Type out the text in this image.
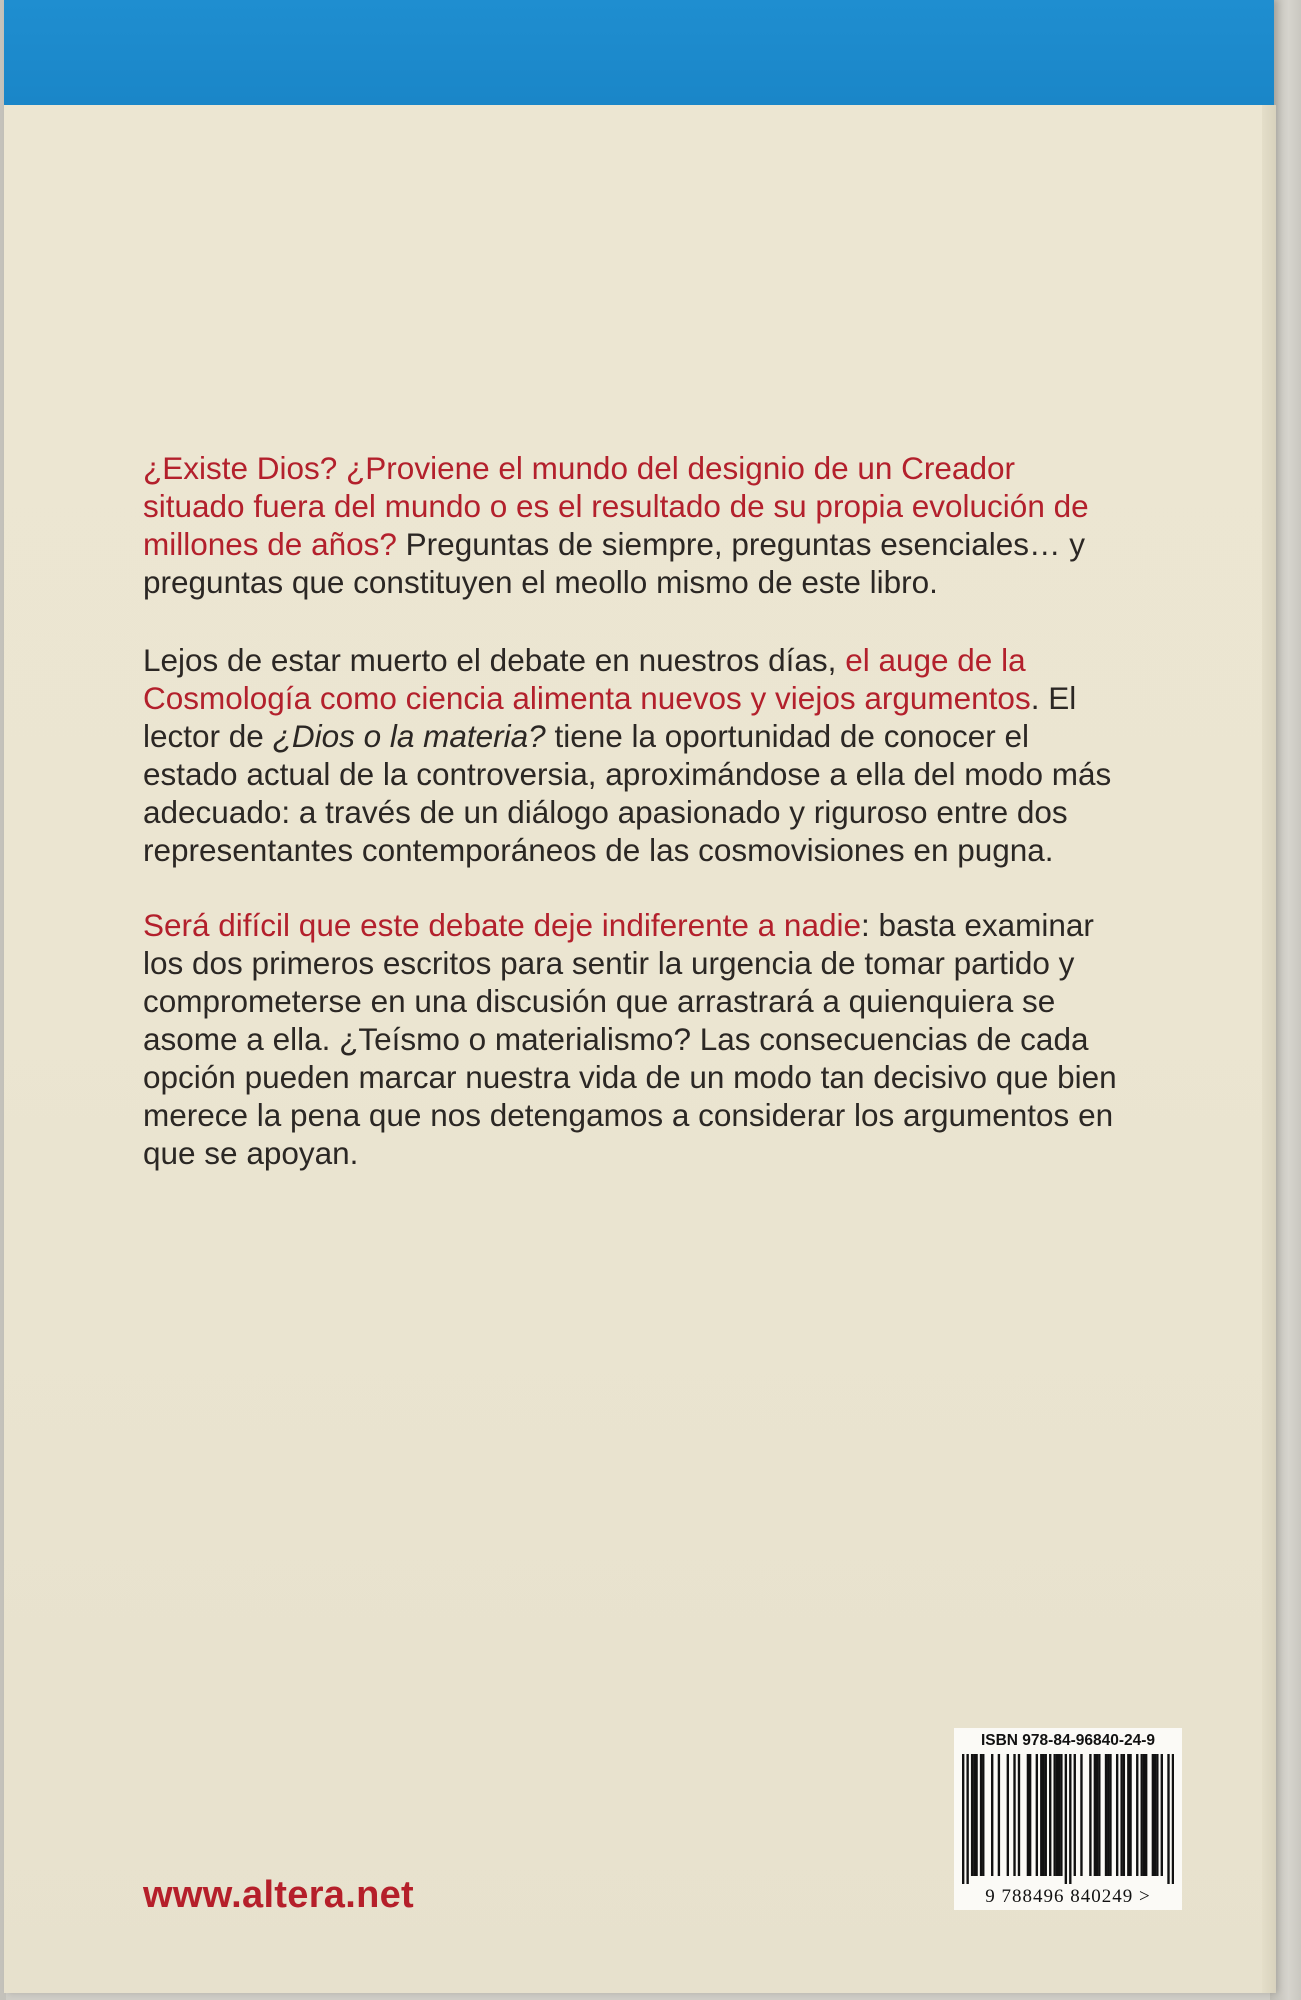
¿Existe Dios? ¿Proviene el mundo del designio de un Creador
situado fuera del mundo o es el resultado de su propia evolución de
millones de años? Preguntas de siempre, preguntas esenciales… y
preguntas que constituyen el meollo mismo de este libro.

Lejos de estar muerto el debate en nuestros días, el auge de la
Cosmología como ciencia alimenta nuevos y viejos argumentos. El
lector de ¿Dios o la materia? tiene la oportunidad de conocer el
estado actual de la controversia, aproximándose a ella del modo más
adecuado: a través de un diálogo apasionado y riguroso entre dos
representantes contemporáneos de las cosmovisiones en pugna.

Será difícil que este debate deje indiferente a nadie: basta examinar
los dos primeros escritos para sentir la urgencia de tomar partido y
comprometerse en una discusión que arrastrará a quienquiera se
asome a ella. ¿Teísmo o materialismo? Las consecuencias de cada
opción pueden marcar nuestra vida de un modo tan decisivo que bien
merece la pena que nos detengamos a considerar los argumentos en
que se apoyan.

www.altera.net
ISBN 978-84-96840-24-9
9 788496 840249 >
